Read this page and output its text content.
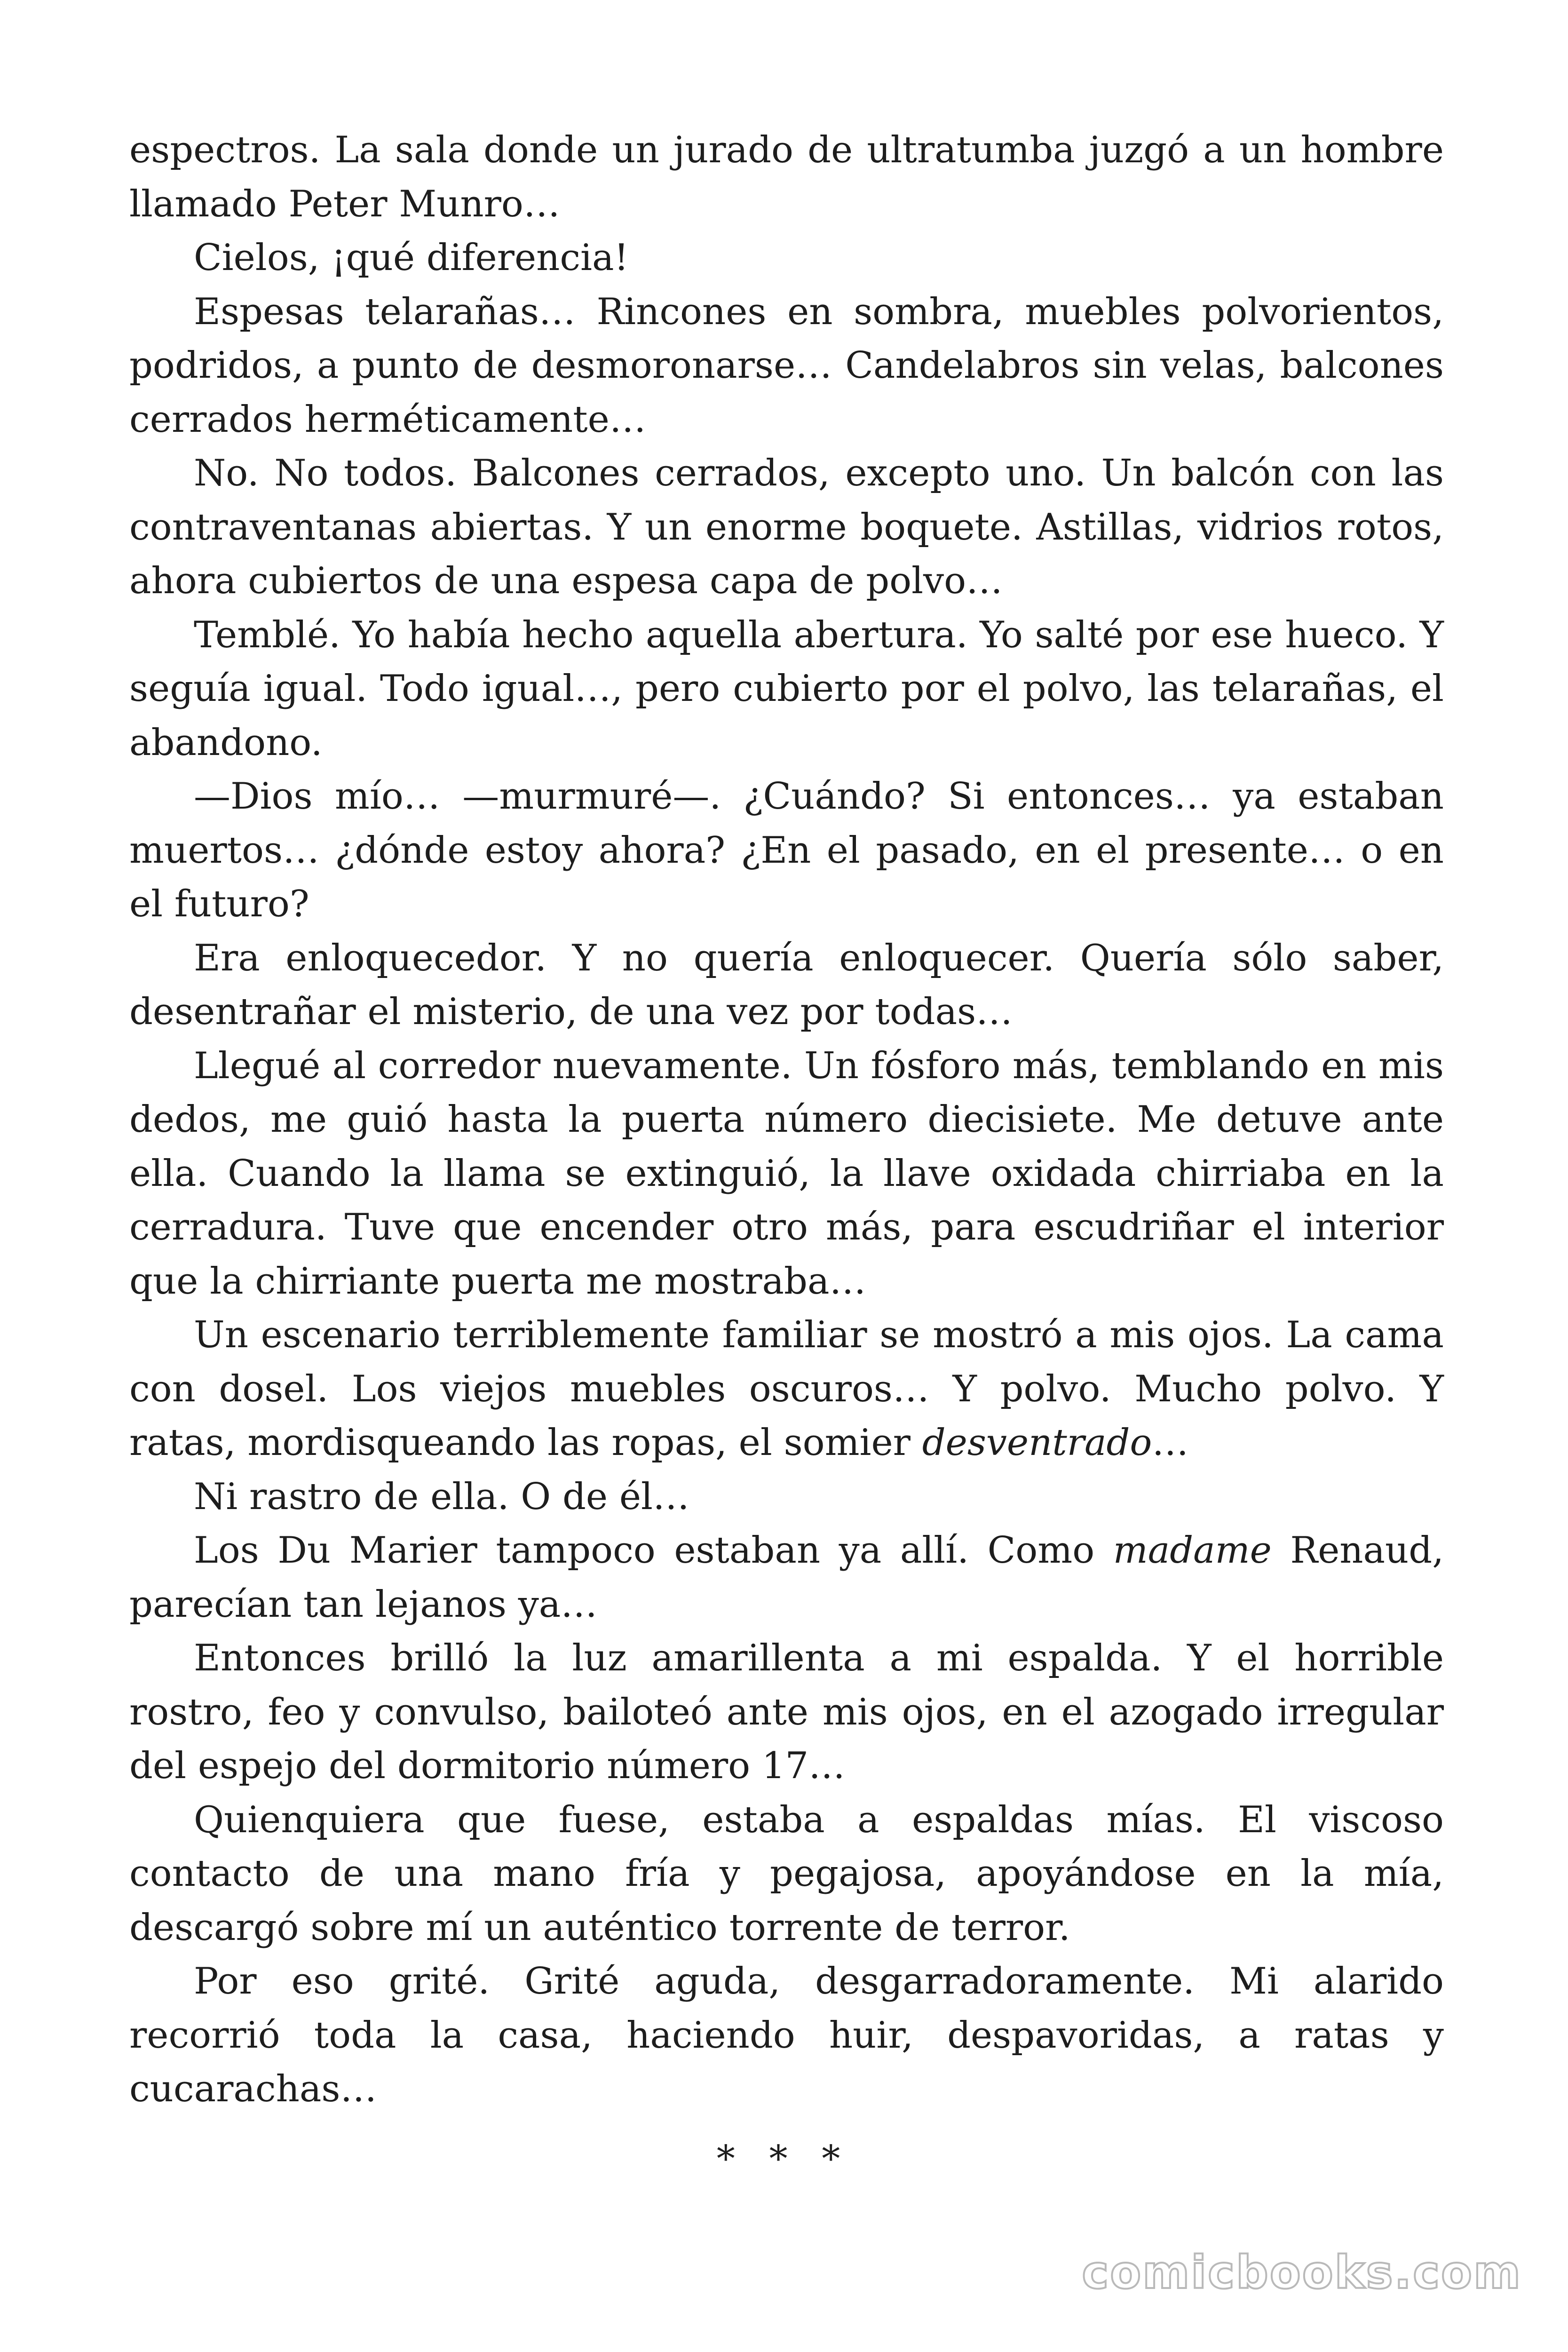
espectros. La sala donde un jurado de ultratumba juzgó a un hombre llamado Peter Munro…

Cielos, ¡qué diferencia!

Espesas telarañas… Rincones en sombra, muebles polvorientos, podridos, a punto de desmoronarse… Candelabros sin velas, balcones cerrados herméticamente…

No. No todos. Balcones cerrados, excepto uno. Un balcón con las contraventanas abiertas. Y un enorme boquete. Astillas, vidrios rotos, ahora cubiertos de una espesa capa de polvo…

Temblé. Yo había hecho aquella abertura. Yo salté por ese hueco. Y seguía igual. Todo igual…, pero cubierto por el polvo, las telarañas, el abandono.

—Dios mío… —murmuré—. ¿Cuándo? Si entonces… ya estaban muertos… ¿dónde estoy ahora? ¿En el pasado, en el presente… o en el futuro?

Era enloquecedor. Y no quería enloquecer. Quería sólo saber, desentrañar el misterio, de una vez por todas…

Llegué al corredor nuevamente. Un fósforo más, temblando en mis dedos, me guió hasta la puerta número diecisiete. Me detuve ante ella. Cuando la llama se extinguió, la llave oxidada chirriaba en la cerradura. Tuve que encender otro más, para escudriñar el interior que la chirriante puerta me mostraba…

Un escenario terriblemente familiar se mostró a mis ojos. La cama con dosel. Los viejos muebles oscuros… Y polvo. Mucho polvo. Y ratas, mordisqueando las ropas, el somier desventrado…

Ni rastro de ella. O de él…

Los Du Marier tampoco estaban ya allí. Como madame Renaud, parecían tan lejanos ya…

Entonces brilló la luz amarillenta a mi espalda. Y el horrible rostro, feo y convulso, bailoteó ante mis ojos, en el azogado irregular del espejo del dormitorio número 17…

Quienquiera que fuese, estaba a espaldas mías. El viscoso contacto de una mano fría y pegajosa, apoyándose en la mía, descargó sobre mí un auténtico torrente de terror.

Por eso grité. Grité aguda, desgarradoramente. Mi alarido recorrió toda la casa, haciendo huir, despavoridas, a ratas y cucarachas…

* * *
comicbooks.com
